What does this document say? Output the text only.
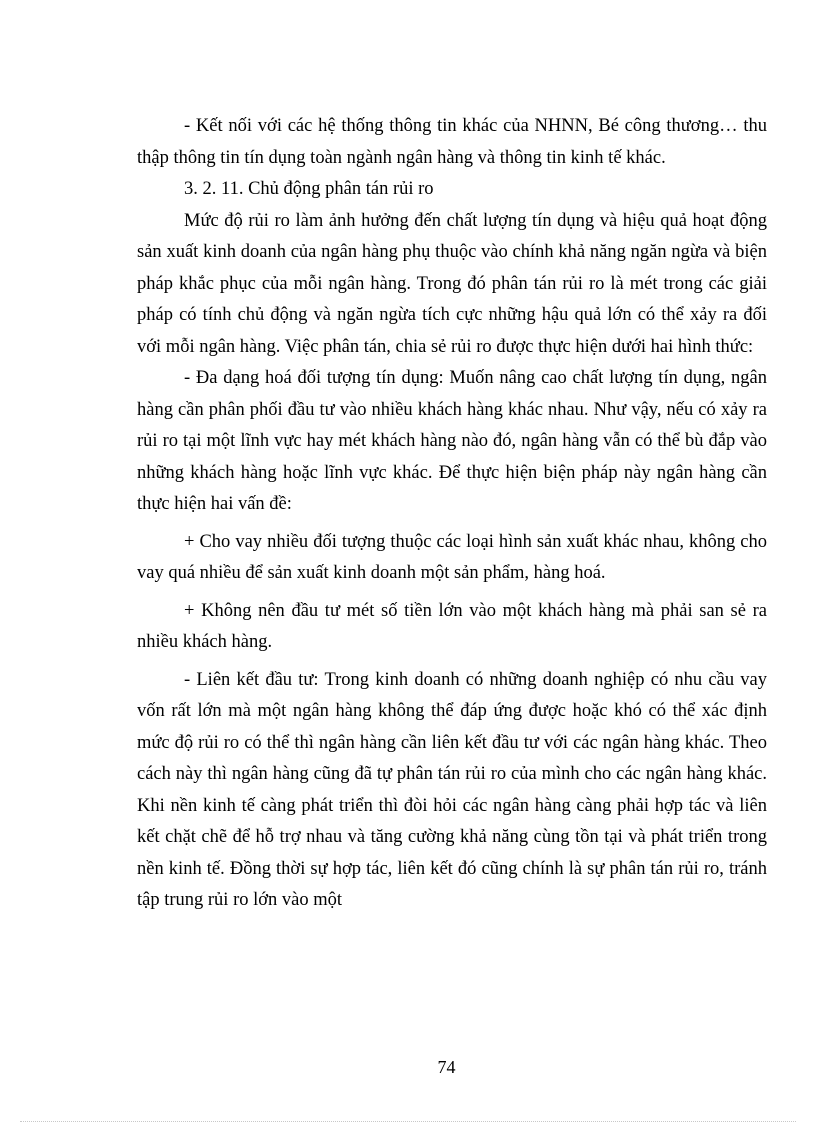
- Kết nối với các hệ thống thông tin khác của NHNN, Bé công thương… thu thập thông tin tín dụng toàn ngành ngân hàng và thông tin kinh tế khác.

3. 2. 11. Chủ động phân tán rủi ro

Mức độ rủi ro làm ảnh hưởng đến chất lượng tín dụng và hiệu quả hoạt động sản xuất kinh doanh của ngân hàng phụ thuộc vào chính khả năng ngăn ngừa và biện pháp khắc phục của mỗi ngân hàng. Trong đó phân tán rủi ro là mét trong các giải pháp có tính chủ động và ngăn ngừa tích cực những hậu quả lớn có thể xảy ra đối với mỗi ngân hàng. Việc phân tán, chia sẻ rủi ro được thực hiện dưới hai hình thức:

- Đa dạng hoá đối tượng tín dụng: Muốn nâng cao chất lượng tín dụng, ngân hàng cần phân phối đầu tư vào nhiều khách hàng khác nhau. Như vậy, nếu có xảy ra rủi ro tại một lĩnh vực hay mét khách hàng nào đó, ngân hàng vẫn có thể bù đắp vào những khách hàng hoặc lĩnh vực khác. Để thực hiện biện pháp này ngân hàng cần thực hiện hai vấn đề:

+ Cho vay nhiều đối tượng thuộc các loại hình sản xuất khác nhau, không cho vay quá nhiều để sản xuất kinh doanh một sản phẩm, hàng hoá.

+ Không nên đầu tư mét số tiền lớn vào một khách hàng mà phải san sẻ ra nhiều khách hàng.

- Liên kết đầu tư: Trong kinh doanh có những doanh nghiệp có nhu cầu vay vốn rất lớn mà một ngân hàng không thể đáp ứng được hoặc khó có thể xác định mức độ rủi ro có thể thì ngân hàng cần liên kết đầu tư với các ngân hàng khác. Theo cách này thì ngân hàng cũng đã tự phân tán rủi ro của mình cho các ngân hàng khác. Khi nền kinh tế càng phát triển thì đòi hỏi các ngân hàng càng phải hợp tác và liên kết chặt chẽ để hỗ trợ nhau và tăng cường khả năng cùng tồn tại và phát triển trong nền kinh tế. Đồng thời sự hợp tác, liên kết đó cũng chính là sự phân tán rủi ro, tránh tập trung rủi ro lớn vào một

74
